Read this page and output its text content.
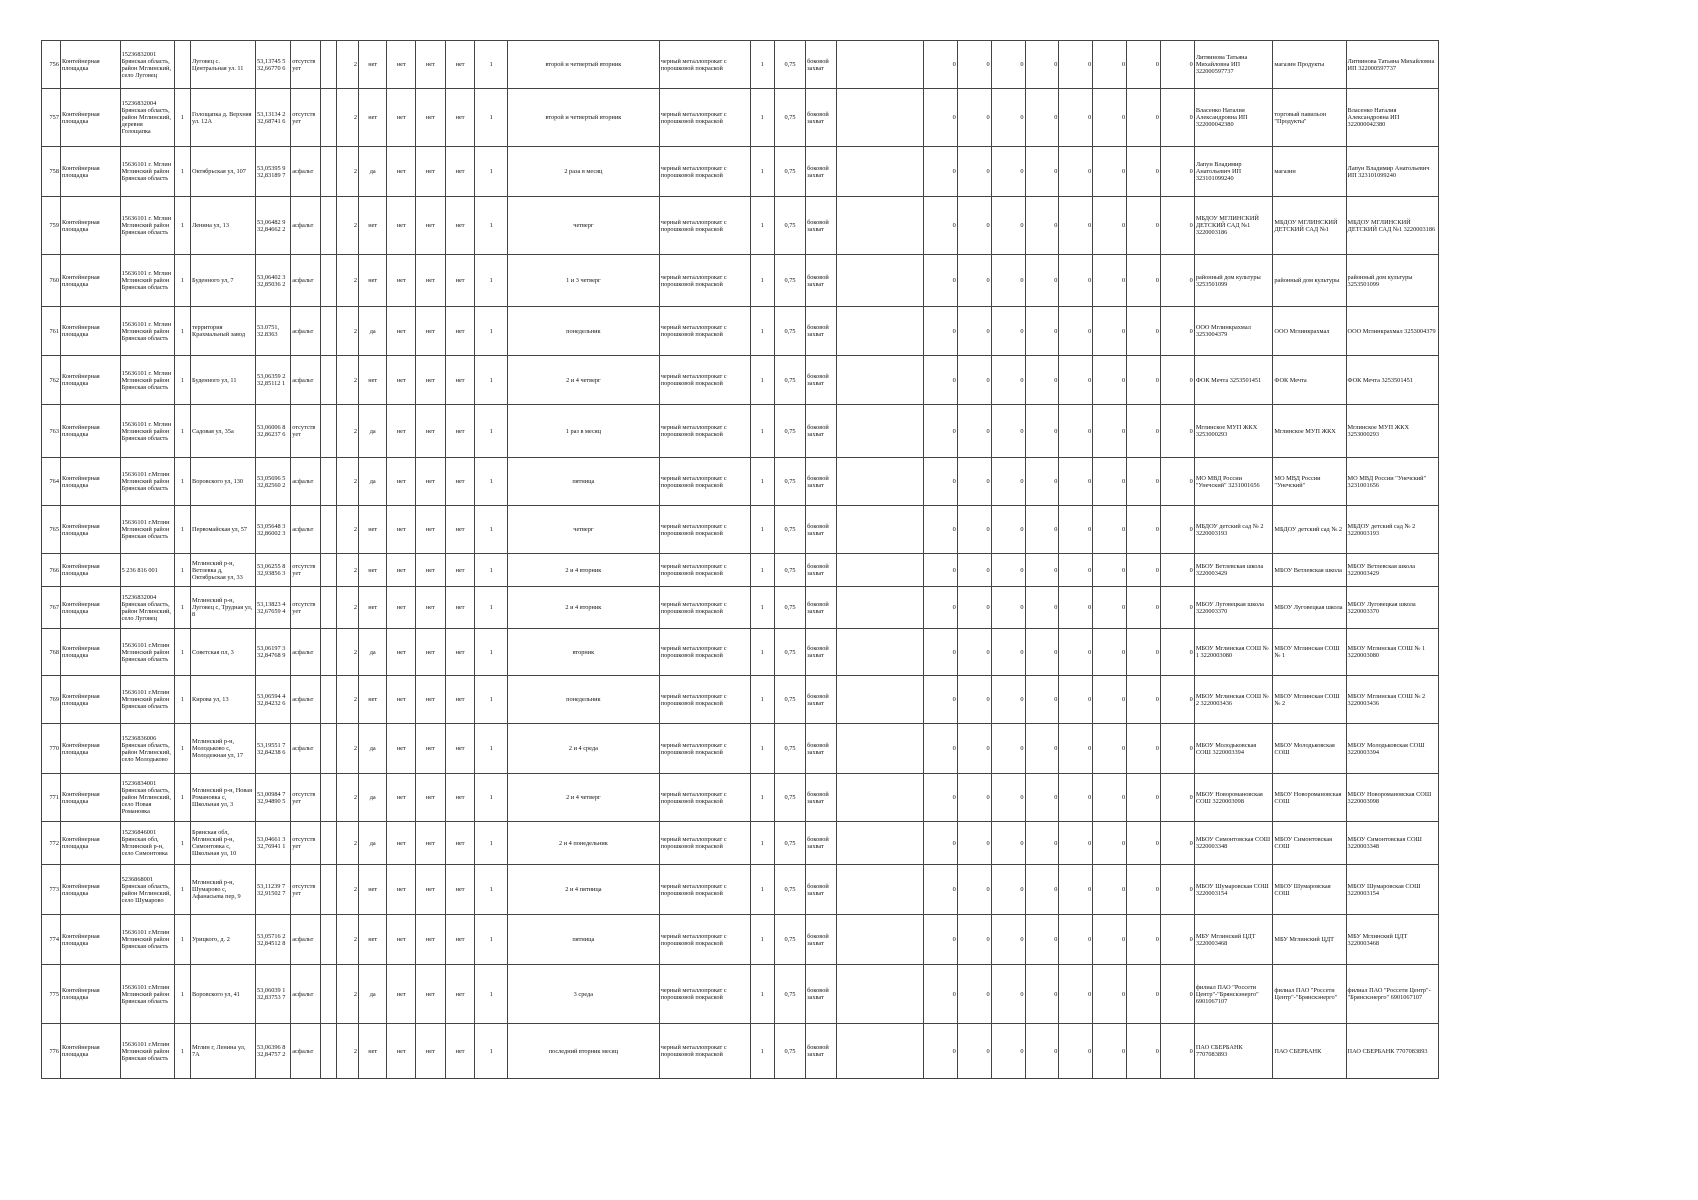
756	Контейнерная площадка	15236832001 Брянская область, район Мглинский, село Луговец		Луговец с. Центральная ул. 11	53,13745 5 32,66770 6	отсутств ует		2	нет	нет	нет	нет	1	второй и четвертый вторник	черный металлопрокат с порошковой покраской	1	0,75	боковой захват		0	0	0	0	0	0	0	0	Литвинова Татьяна Михайловна ИП 322000597737	магазин Продукты	Литвинова Татьяна Михайловна ИП 322000597737
757	Контейнерная площадка	15236832004 Брянская область, район Мглинский, деревня Голощапка	1	Голощапка д. Верхняя ул. 12А	53,13134 2 32,68741 6	отсутств ует		2	нет	нет	нет	нет	1	второй и четвертый вторник	черный металлопрокат с порошковой покраской	1	0,75	боковой захват		0	0	0	0	0	0	0	0	Власенко Наталия Александровна ИП 322000042380	торговый павильон "Продукты"	Власенко Наталия Александровна ИП 322000042380
758	Контейнерная площадка	15636101 г. Мглин Мглинский район Брянская область	1	Октябрьская ул, 107	53,05395 9 32,83189 7	асфальт		2	да	нет	нет	нет	1	2 раза в месяц	черный металлопрокат с порошковой покраской	1	0,75	боковой захват		0	0	0	0	0	0	0	0	Лапун Владимир Анатольевич ИП 323101099240	магазин	Лапун Владимир Анатольевич ИП 323101099240
759	Контейнерная площадка	15636101 г. Мглин Мглинский район Брянская область	1	Ленина ул, 13	53,06482 9 32,84662 2	асфальт		2	нет	нет	нет	нет	1	четверг	черный металлопрокат с порошковой покраской	1	0,75	боковой захват		0	0	0	0	0	0	0	0	МБДОУ МГЛИНСКИЙ ДЕТСКИЙ САД №1 3220003186	МБДОУ МГЛИНСКИЙ ДЕТСКИЙ САД №1	МБДОУ МГЛИНСКИЙ ДЕТСКИЙ САД №1 3220003186
760	Контейнерная площадка	15636101 г. Мглин Мглинский район Брянская область	1	Буденного ул, 7	53,06402 3 32,85036 2	асфальт		2	нет	нет	нет	нет	1	1 и 3 четверг	черный металлопрокат с порошковой покраской	1	0,75	боковой захват		0	0	0	0	0	0	0	0	районный дом культуры 3253501099	районный дом культуры	районный дом культуры 3253501099
761	Контейнерная площадка	15636101 г. Мглин Мглинский район Брянская область	1	территория Крахмальный завод	53.0751, 32.8363	асфальт		2	да	нет	нет	нет	1	понедельник	черный металлопрокат с порошковой покраской	1	0,75	боковой захват		0	0	0	0	0	0	0	0	ООО Мглинкрахмал 3253004379	ООО Мглинкрахмал	ООО Мглинкрахмал 3253004379
762	Контейнерная площадка	15636101 г. Мглин Мглинский район Брянская область	1	Буденного ул, 11	53,06359 2 32,85112 1	асфальт		2	нет	нет	нет	нет	1	2 и 4 четверг	черный металлопрокат с порошковой покраской	1	0,75	боковой захват		0	0	0	0	0	0	0	0	ФОК Мечта 3253501451	ФОК Мечта	ФОК Мечта 3253501451
763	Контейнерная площадка	15636101 г. Мглин Мглинский район Брянская область	1	Садовая ул, 35а	53,06006 8 32,86237 6	отсутств ует		2	да	нет	нет	нет	1	1 раз в месяц	черный металлопрокат с порошковой покраской	1	0,75	боковой захват		0	0	0	0	0	0	0	0	Мглинское МУП ЖКХ 3253000293	Мглинское МУП ЖКХ	Мглинское МУП ЖКХ 3253000293
764	Контейнерная площадка	15636101 г.Мглин Мглинский район Брянская область	1	Воровского ул, 130	53,05696 5 32,82560 2	асфальт		2	да	нет	нет	нет	1	пятница	черный металлопрокат с порошковой покраской	1	0,75	боковой захват		0	0	0	0	0	0	0	0	МО МВД России "Унечский" 3231001656	МО МВД России "Унечский"	МО МВД России "Унечский" 3231001656
765	Контейнерная площадка	15636101 г.Мглин Мглинский район Брянская область	1	Первомайская ул, 57	53,05648 3 32,86002 3	асфальт		2	нет	нет	нет	нет	1	четверг	черный металлопрокат с порошковой покраской	1	0,75	боковой захват		0	0	0	0	0	0	0	0	МБДОУ детский сад № 2 3220003193	МБДОУ детский сад № 2	МБДОУ детский сад № 2 3220003193
766	Контейнерная площадка	5 236 816 001	1	Мглинский р-н, Ветлевка д, Октябрьская ул, 33	53,06255 8 32,93856 3	отсутств ует		2	нет	нет	нет	нет	1	2 и 4 вторник	черный металлопрокат с порошковой покраской	1	0,75	боковой захват		0	0	0	0	0	0	0	0	МБОУ Ветлевская школа 3220003429	МБОУ Ветлевская школа	МБОУ Ветлевская школа 3220003429
767	Контейнерная площадка	15236832004 Брянская область, район Мглинский, село Луговец	1	Мглинский р-н, Луговец с, Трудная ул, 8	53,13823 4 32,67659 4	отсутств ует		2	нет	нет	нет	нет	1	2 и 4 вторник	черный металлопрокат с порошковой покраской	1	0,75	боковой захват		0	0	0	0	0	0	0	0	МБОУ Луговецкая школа 3220003370	МБОУ Луговецкая школа	МБОУ Луговецкая школа 3220003370
768	Контейнерная площадка	15636101 г.Мглин Мглинский район Брянская область	1	Советская пл, 3	53,06197 3 32,84768 9	асфальт		2	да	нет	нет	нет	1	вторник	черный металлопрокат с порошковой покраской	1	0,75	боковой захват		0	0	0	0	0	0	0	0	МБОУ Мглинская СОШ № 1 3220003080	МБОУ Мглинская СОШ № 1	МБОУ Мглинская СОШ № 1 3220003080
769	Контейнерная площадка	15636101 г.Мглин Мглинский район Брянская область	1	Кирова ул, 13	53,06594 4 32,84232 6	асфальт		2	нет	нет	нет	нет	1	понедельник	черный металлопрокат с порошковой покраской	1	0,75	боковой захват		0	0	0	0	0	0	0	0	МБОУ Мглинская СОШ № 2 3220003436	МБОУ Мглинская СОШ № 2	МБОУ Мглинская СОШ № 2 3220003436
770	Контейнерная площадка	15236836006 Брянская область, район Мглинский, село Молодьково	1	Мглинский р-н, Молодьково с, Молодежная ул, 17	53,19551 7 32,84238 6	асфальт		2	да	нет	нет	нет	1	2 и 4 среда	черный металлопрокат с порошковой покраской	1	0,75	боковой захват		0	0	0	0	0	0	0	0	МБОУ Молодьковская СОШ 3220003394	МБОУ Молодьковская СОШ	МБОУ Молодьковская СОШ 3220003394
771	Контейнерная площадка	15236834001 Брянская область, район Мглинский, село Новая Романовка	1	Мглинский р-н, Новая Романовка с, Школьная ул, 3	53,00984 7 32,94890 5	отсутств ует		2	да	нет	нет	нет	1	2 и 4 четверг	черный металлопрокат с порошковой покраской	1	0,75	боковой захват		0	0	0	0	0	0	0	0	МБОУ Новоромановская СОШ 3220003098	МБОУ Новоромановская СОШ	МБОУ Новоромановская СОШ 3220003098
772	Контейнерная площадка	15236846001 Брянская обл, Мглинский р-н, село Симонтовка	1	Брянская обл, Мглинский р-н, Симонтовка с, Школьная ул, 10	53,04661 3 32,76941 1	отсутств ует		2	да	нет	нет	нет	1	2 и 4 понедельник	черный металлопрокат с порошковой покраской	1	0,75	боковой захват		0	0	0	0	0	0	0	0	МБОУ Симонтовская СОШ 3220003348	МБОУ Симонтовская СОШ	МБОУ Симонтовская СОШ 3220003348
773	Контейнерная площадка	5236868001 Брянская область, район Мглинский, село Шумарово	1	Мглинский р-н, Шумарово с, Афанасьева пер, 9	53,11239 7 32,91502 7	отсутств ует		2	нет	нет	нет	нет	1	2 и 4 пятница	черный металлопрокат с порошковой покраской	1	0,75	боковой захват		0	0	0	0	0	0	0	0	МБОУ Шумаровская СОШ 3220003154	МБОУ Шумаровская СОШ	МБОУ Шумаровская СОШ 3220003154
774	Контейнерная площадка	15636101 г.Мглин Мглинский район Брянская область	1	Урицкого, д. 2	53,05716 2 32,84512 8	асфальт		2	нет	нет	нет	нет	1	пятница	черный металлопрокат с порошковой покраской	1	0,75	боковой захват		0	0	0	0	0	0	0	0	МБУ Мглинский ЦДТ 3220003468	МБУ Мглинский ЦДТ	МБУ Мглинский ЦДТ 3220003468
775	Контейнерная площадка	15636101 г.Мглин Мглинский район Брянская область	1	Воровского ул, 41	53,06039 1 32,83753 7	асфальт		2	да	нет	нет	нет	1	3 среда	черный металлопрокат с порошковой покраской	1	0,75	боковой захват		0	0	0	0	0	0	0	0	филиал ПАО "Россети Центр"-"Брянскэнерго" 6901067107	филиал ПАО "Россети Центр"-"Брянскэнерго"	филиал ПАО "Россети Центр"-"Брянскэнерго" 6901067107
776	Контейнерная площадка	15636101 г.Мглин Мглинский район Брянская область	1	Мглин г, Ленина ул, 7А	53,06396 8 32,84757 2	асфальт		2	нет	нет	нет	нет	1	последний вторник месяц	черный металлопрокат с порошковой покраской	1	0,75	боковой захват		0	0	0	0	0	0	0	0	ПАО СБЕРБАНК 7707083893	ПАО СБЕРБАНК	ПАО СБЕРБАНК 7707083893
